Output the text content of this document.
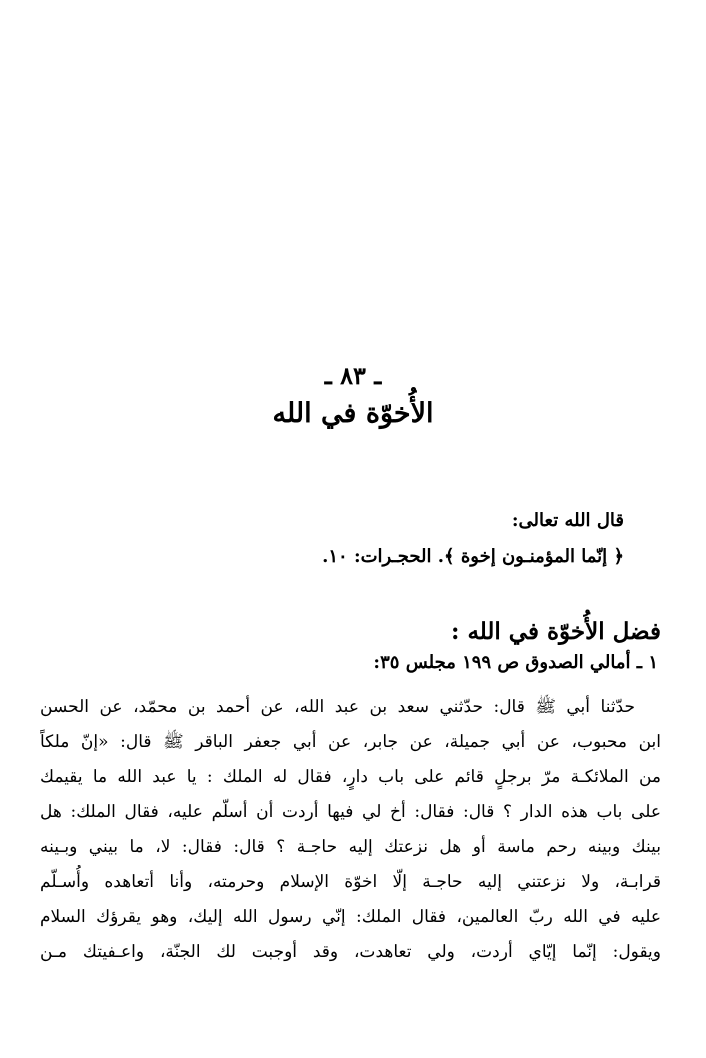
ـ ٨٣ ـ
الأُخوّة في الله
قال الله تعالى:
﴿ إنّما المؤمنـون إخوة ﴾. الحجـرات: ١٠.
فضل الأُخوّة في الله :
١ ـ أمالي الصدوق ص ١٩٩ مجلس ٣٥:
حدّثنا أبي ﷺ قال: حدّثني سعد بن عبد الله، عن أحمد بن محمّد، عن الحسن
ابن محبوب، عن أبي جميلة، عن جابر، عن أبي جعفر الباقر ﷺ قال: «إنّ ملكاً
من الملائكـة مرّ برجلٍ قائم على باب دارٍ، فقال له الملك : يا عبد الله ما يقيمك
على باب هذه الدار ؟ قال: فقال: أخ لي فيها أردت أن أسلّم عليه، فقال الملك: هل
بينك وبينه رحم ماسة أو هل نزعتك إليه حاجـة ؟ قال: فقال: لا، ما بيني وبـينه
قرابـة، ولا نزعتني إليه حاجـة إلّا اخوّة الإسلام وحرمته، وأنا أتعاهده وأُسـلّم
عليه في الله ربّ العالمين، فقال الملك: إنّي رسول الله إليك، وهو يقرؤك السلام
ويقول: إنّما إيّاي أردت، ولي تعاهدت، وقد أوجبت لك الجنّة، واعـفيتك مـن
